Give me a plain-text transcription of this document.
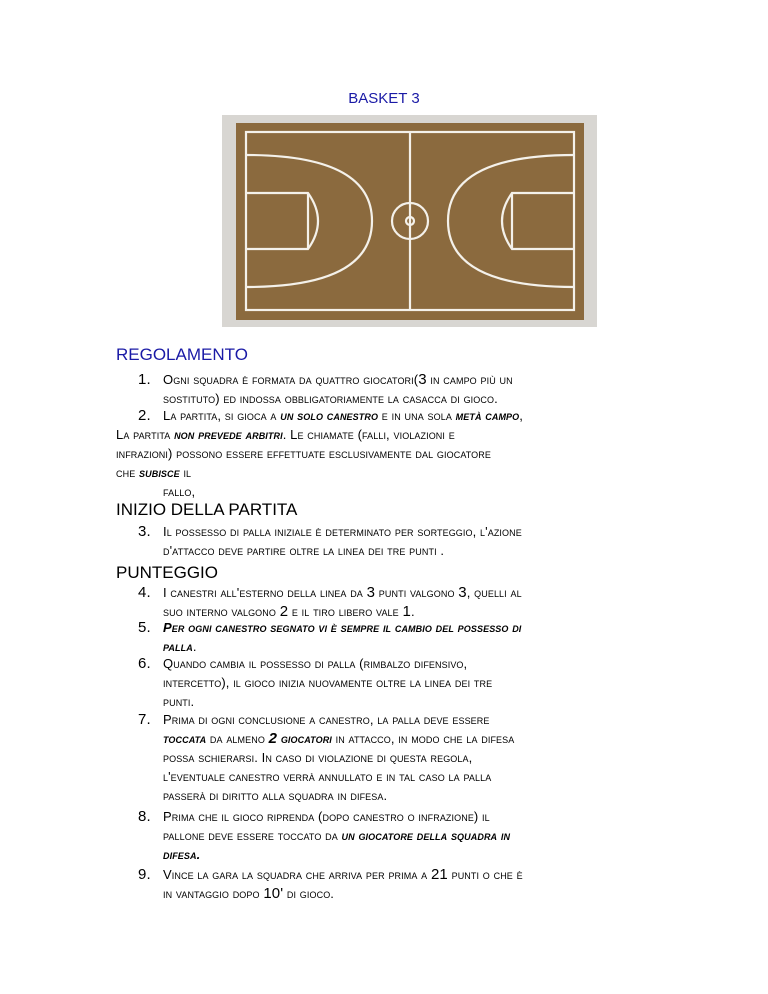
BASKET 3
REGOLAMENTO
1. Ogni squadra è formata da quattro giocatori(3 in campo più un
sostituto) ed indossa obbligatoriamente la casacca di gioco.
2. La partita, si gioca a un solo canestro e in una sola metà campo,
La partita non prevede arbitri. Le chiamate (falli, violazioni e
infrazioni) possono essere effettuate esclusivamente dal giocatore
che subisce il
fallo,
INIZIO DELLA PARTITA
3. Il possesso di palla iniziale è determinato per sorteggio, l'azione
d'attacco deve partire oltre la linea dei tre punti .
PUNTEGGIO
4. I canestri all'esterno della linea da 3 punti valgono 3, quelli al
suo interno valgono 2 e il tiro libero vale 1.
5. Per ogni canestro segnato vi è sempre il cambio del possesso di
palla.
6. Quando cambia il possesso di palla (rimbalzo difensivo,
intercetto), il gioco inizia nuovamente oltre la linea dei tre
punti.
7. Prima di ogni conclusione a canestro, la palla deve essere
toccata da almeno 2 giocatori in attacco, in modo che la difesa
possa schierarsi. In caso di violazione di questa regola,
l'eventuale canestro verrà annullato e in tal caso la palla
passerà di diritto alla squadra in difesa.
8. Prima che il gioco riprenda (dopo canestro o infrazione) il
pallone deve essere toccato da un giocatore della squadra in
difesa.
9. Vince la gara la squadra che arriva per prima a 21 punti o che è
in vantaggio dopo 10' di gioco.
